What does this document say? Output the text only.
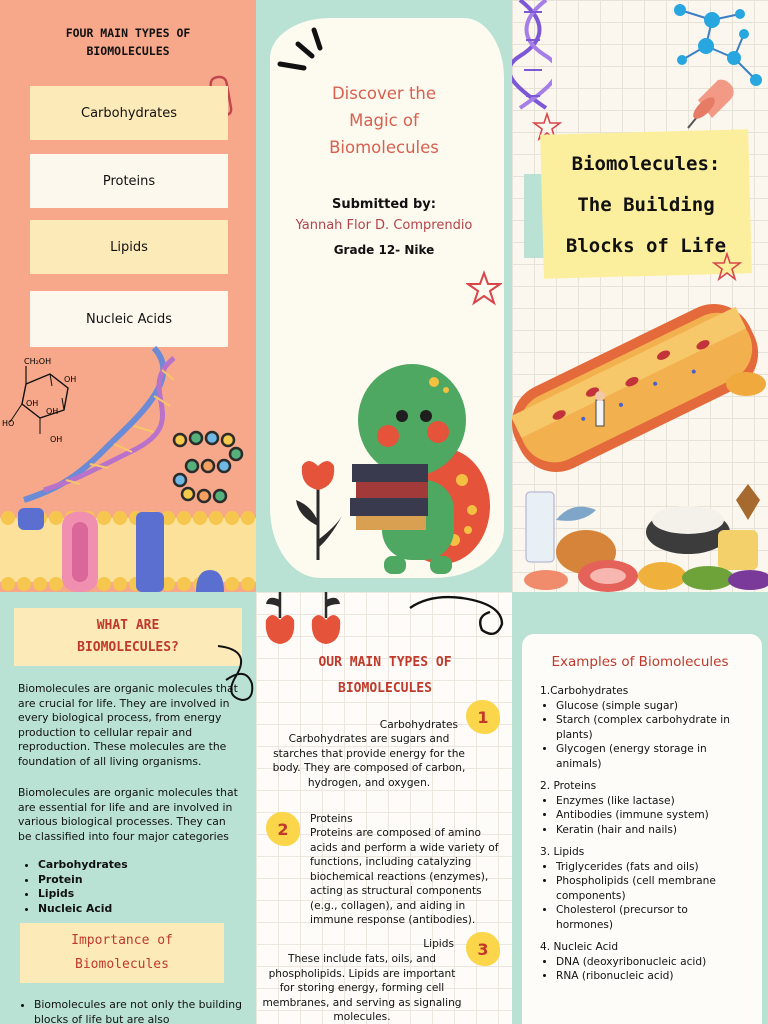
FOUR MAIN TYPES OF
BIOMOLECULES
Carbohydrates
Proteins
Lipids
Nucleic Acids
CH₂OH
OH
OH
OH
HO
OH
Discover the
Magic of
Biomolecules
Submitted by:
Yannah Flor D. Comprendio
Grade 12- Nike
Biomolecules:
The Building
Blocks of Life
WHAT ARE
BIOMOLECULES?
Biomolecules are organic molecules that are crucial for life. They are involved in every biological process, from energy production to cellular repair and reproduction. These molecules are the foundation of all living organisms.
Biomolecules are organic molecules that are essential for life and are involved in various biological processes. They can be classified into four major categories
• Carbohydrates
• Protein
• Lipids
• Nucleic Acid
Importance of
Biomolecules
• Biomolecules are not only the building blocks of life but are also
OUR MAIN TYPES OF
BIOMOLECULES
1
Carbohydrates
Carbohydrates are sugars and starches that provide energy for the body. They are composed of carbon, hydrogen, and oxygen.
2
Proteins
Proteins are composed of amino acids and perform a wide variety of functions, including catalyzing biochemical reactions (enzymes), acting as structural components (e.g., collagen), and aiding in immune response (antibodies).
3
Lipids
These include fats, oils, and phospholipids. Lipids are important for storing energy, forming cell membranes, and serving as signaling molecules.
Examples of Biomolecules
1.Carbohydrates
• Glucose (simple sugar)
• Starch (complex carbohydrate in plants)
• Glycogen (energy storage in animals)
2. Proteins
• Enzymes (like lactase)
• Antibodies (immune system)
• Keratin (hair and nails)
3. Lipids
• Triglycerides (fats and oils)
• Phospholipids (cell membrane components)
• Cholesterol (precursor to hormones)
4. Nucleic Acid
• DNA (deoxyribonucleic acid)
• RNA (ribonucleic acid)
